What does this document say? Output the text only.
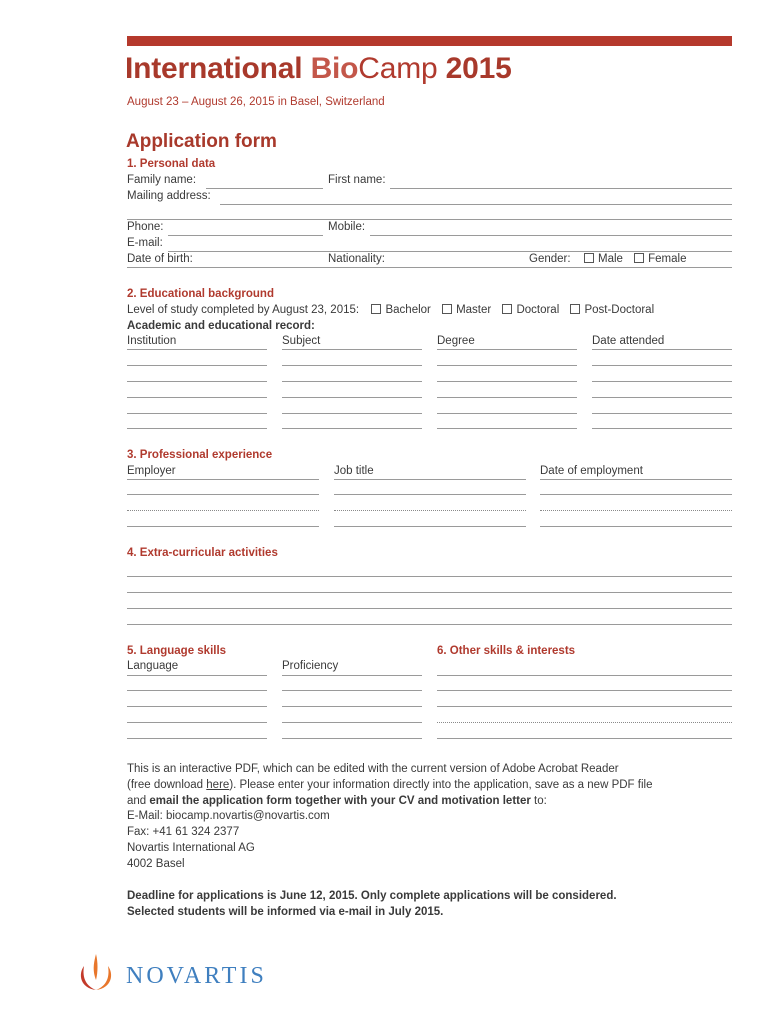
International BioCamp 2015
August 23 – August 26, 2015 in Basel, Switzerland
Application form
1. Personal data
Family name:	First name:
Mailing address:
Phone:	Mobile:
E-mail:
Date of birth:	Nationality:	Gender:	Male Female
2. Educational background
Level of study completed by August 23, 2015: Bachelor Master Doctoral Post-Doctoral
Academic and educational record:
Institution	Subject	Degree	Date attended
3. Professional experience
Employer	Job title	Date of employment
4. Extra-curricular activities
5. Language skills	6. Other skills & interests
Language	Proficiency
This is an interactive PDF, which can be edited with the current version of Adobe Acrobat Reader
(free download here). Please enter your information directly into the application, save as a new PDF file
and email the application form together with your CV and motivation letter to:
E-Mail: biocamp.novartis@novartis.com
Fax: +41 61 324 2377
Novartis International AG
4002 Basel
Deadline for applications is June 12, 2015. Only complete applications will be considered.
Selected students will be informed via e-mail in July 2015.
NOVARTIS
